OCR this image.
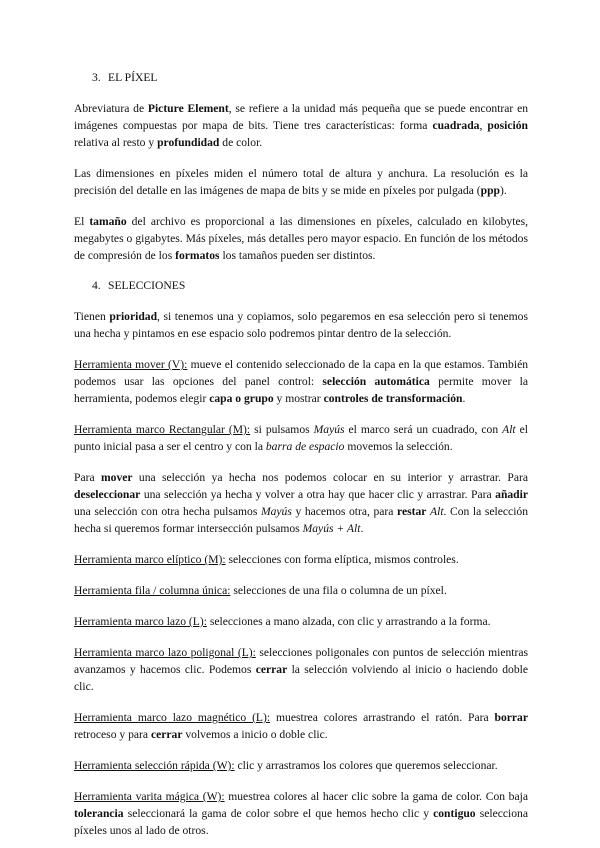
3. EL PÍXEL

Abreviatura de Picture Element, se refiere a la unidad más pequeña que se puede encontrar en imágenes compuestas por mapa de bits. Tiene tres características: forma cuadrada, posición relativa al resto y profundidad de color.

Las dimensiones en píxeles miden el número total de altura y anchura. La resolución es la precisión del detalle en las imágenes de mapa de bits y se mide en píxeles por pulgada (ppp).

El tamaño del archivo es proporcional a las dimensiones en píxeles, calculado en kilobytes, megabytes o gigabytes. Más píxeles, más detalles pero mayor espacio. En función de los métodos de compresión de los formatos los tamaños pueden ser distintos.

4. SELECCIONES

Tienen prioridad, si tenemos una y copiamos, solo pegaremos en esa selección pero si tenemos una hecha y pintamos en ese espacio solo podremos pintar dentro de la selección.

Herramienta mover (V): mueve el contenido seleccionado de la capa en la que estamos. También podemos usar las opciones del panel control: selección automática permite mover la herramienta, podemos elegir capa o grupo y mostrar controles de transformación.

Herramienta marco Rectangular (M): si pulsamos Mayús el marco será un cuadrado, con Alt el punto inicial pasa a ser el centro y con la barra de espacio movemos la selección.

Para mover una selección ya hecha nos podemos colocar en su interior y arrastrar. Para deseleccionar una selección ya hecha y volver a otra hay que hacer clic y arrastrar. Para añadir una selección con otra hecha pulsamos Mayús y hacemos otra, para restar Alt. Con la selección hecha si queremos formar intersección pulsamos Mayús + Alt.

Herramienta marco elíptico (M): selecciones con forma elíptica, mismos controles.

Herramienta fila / columna única: selecciones de una fila o columna de un píxel.

Herramienta marco lazo (L): selecciones a mano alzada, con clic y arrastrando a la forma.

Herramienta marco lazo poligonal (L): selecciones poligonales con puntos de selección mientras avanzamos y hacemos clic. Podemos cerrar la selección volviendo al inicio o haciendo doble clic.

Herramienta marco lazo magnético (L): muestrea colores arrastrando el ratón. Para borrar retroceso y para cerrar volvemos a inicio o doble clic.

Herramienta selección rápida (W): clic y arrastramos los colores que queremos seleccionar.

Herramienta varita mágica (W): muestrea colores al hacer clic sobre la gama de color. Con baja tolerancia seleccionará la gama de color sobre el que hemos hecho clic y contiguo selecciona píxeles unos al lado de otros.
